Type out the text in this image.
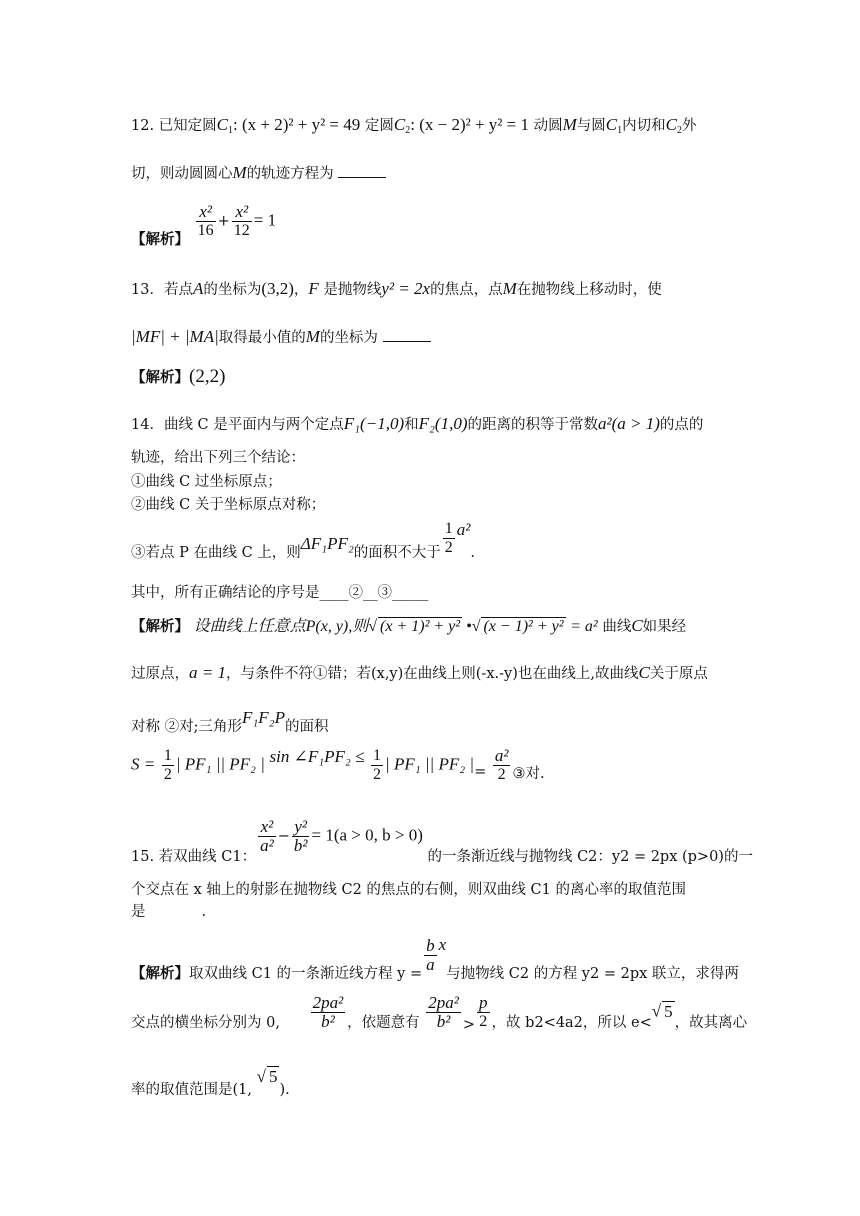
12. 已知定圆$C_1$: (x + 2)² + y² = 49 定圆$C_2$: (x − 2)² + y² = 1 动圆M与圆$C_1$内切和$C_2$外
切，则动圆圆心M的轨迹方程为
【解析】 $\frac{\text{x²}}{16} + \frac{\text{x²}}{12} = 1$
13．若点A的坐标为(3,2)，F 是抛物线y² = 2x的焦点，点M在抛物线上移动时，使
|MF| + |MA|取得最小值的M的坐标为
【解析】(2,2)
14．曲线 C 是平面内与两个定点F₁(−1,0)和F₂(1,0)的距离的积等于常数a²(a > 1)的点的
轨迹，给出下列三个结论：
①曲线 C 过坐标原点；
②曲线 C 关于坐标原点对称；
③若点 P 在曲线 C 上，则ΔF₁PF₂的面积不大于 $\frac{1}{2} a^2$.
其中，所有正确结论的序号是____②__③_____
【解析】 设曲线上任意点P(x, y),则√ (x + 1)² + y² •√ (x − 1)² + y² = a² 曲线C如果经
过原点，a = 1，与条件不符①错；若(x,y)在曲线上则(-x.-y)也在曲线上,故曲线C关于原点
对称 ②对;三角形F₁F₂P的面积
$S = \frac{1}{2}$ | PF₁ || PF₂ | sin ∠F₁PF₂ ≤ $\frac{1}{2}$ | PF₁ || PF₂ |= $\frac{\text{a²}}{2}$ ③对.
15. 若双曲线 C1：
$\frac{\text{x²}}{\text{a²}} - \frac{\text{y²}}{\text{b²}} = 1(a > 0$, b > 0) 的一条渐近线与抛物线 C2：y2 = 2px (p>0)的一
个交点在 x 轴上的射影在抛物线 C2 的焦点的右侧，则双曲线 C1 的离心率的取值范围
是	.
【解析】取双曲线 C1 的一条渐近线方程 $y = \frac{b}{a}$ x与抛物线 C2 的方程 y2 = 2px 联立，求得两
交点的横坐标分别为 0, $\frac{\text{2pa²}}{\text{b²}}$ ，依题意有 $\frac{\text{2pa²}}{\text{b²}} > \frac{p}{2}$ ，故 b2<4a2，所以 e<√ 5，故其离心
率的取值范围是(1, √ 5).
